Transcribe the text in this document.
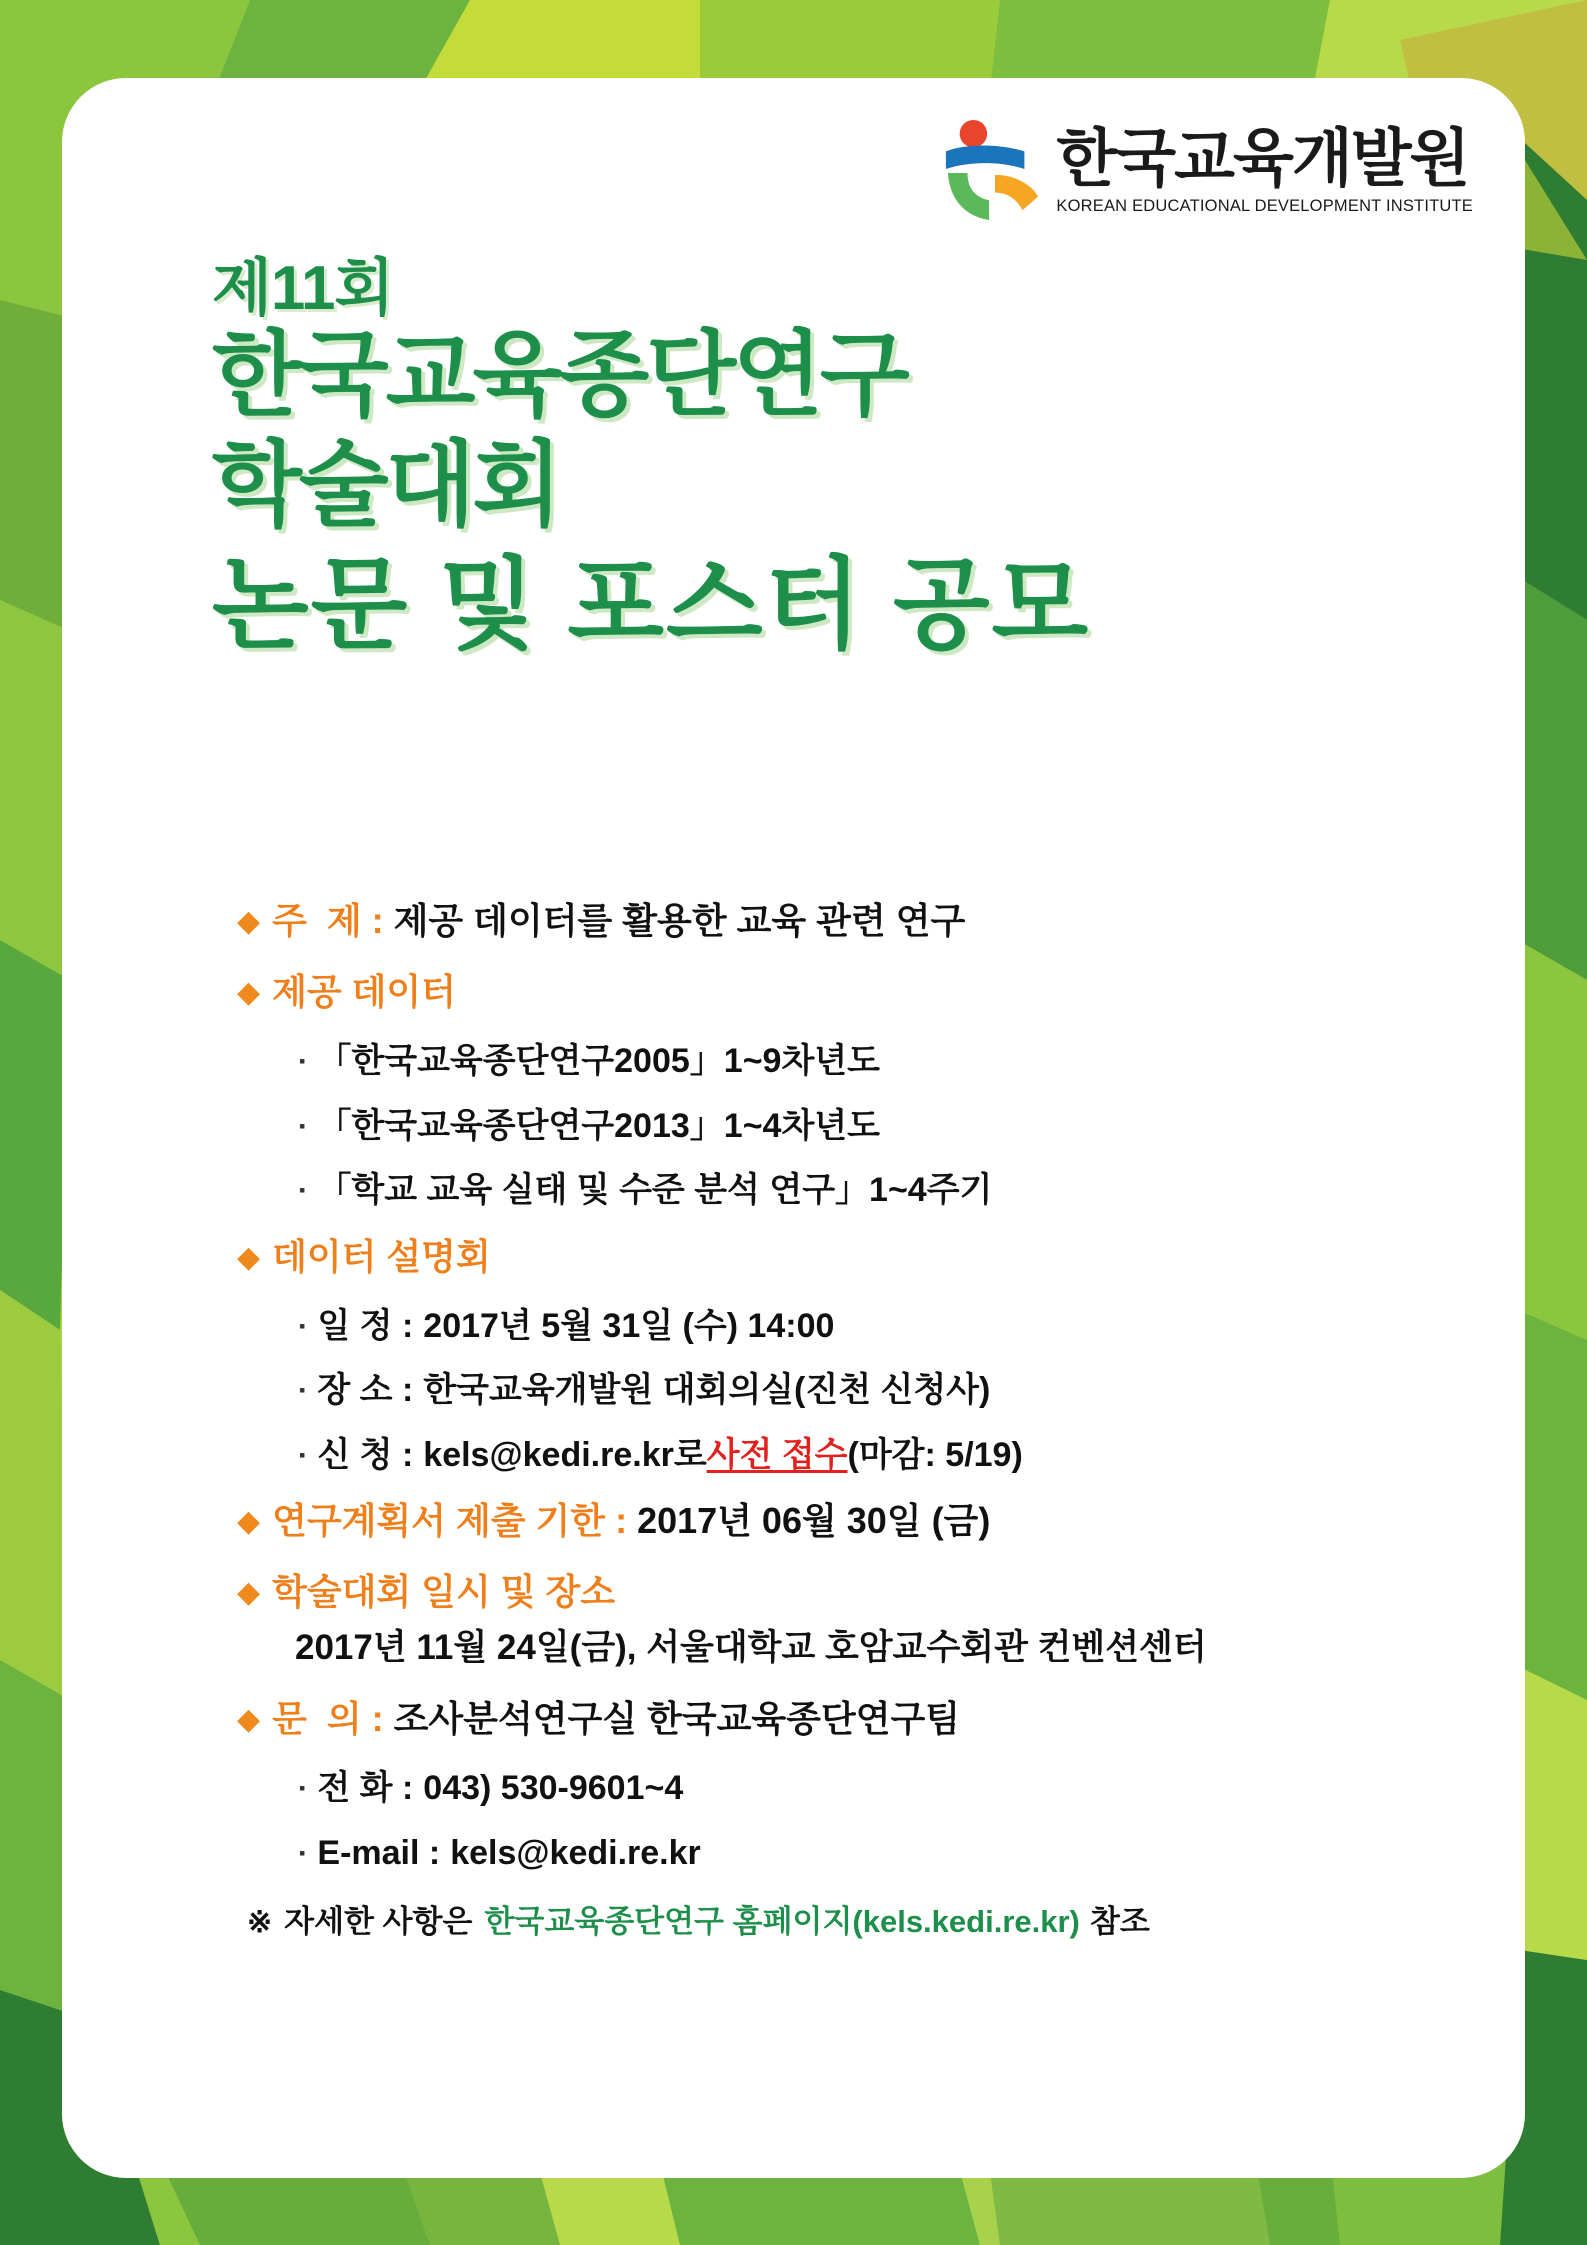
한국교육개발원
KOREAN EDUCATIONAL DEVELOPMENT INSTITUTE
제11회
한국교육종단연구
학술대회
논문 및 포스터 공모
◆ 주  제 : 제공 데이터를 활용한 교육 관련 연구
◆ 제공 데이터
▪ 「한국교육종단연구2005」1~9차년도
▪ 「한국교육종단연구2013」1~4차년도
▪ 「학교 교육 실태 및 수준 분석 연구」1~4주기
◆ 데이터 설명회
▪ 일 정 : 2017년 5월 31일 (수) 14:00
▪ 장 소 : 한국교육개발원 대회의실(진천 신청사)
▪ 신 청 : kels@kedi.re.kr로 사전 접수 (마감: 5/19)
◆ 연구계획서 제출 기한 : 2017년 06월 30일 (금)
◆ 학술대회 일시 및 장소
2017년 11월 24일(금), 서울대학교 호암교수회관 컨벤션센터
◆ 문  의 : 조사분석연구실 한국교육종단연구팀
▪ 전 화 : 043) 530-9601~4
▪ E-mail : kels@kedi.re.kr
※ 자세한 사항은 한국교육종단연구 홈페이지(kels.kedi.re.kr) 참조
